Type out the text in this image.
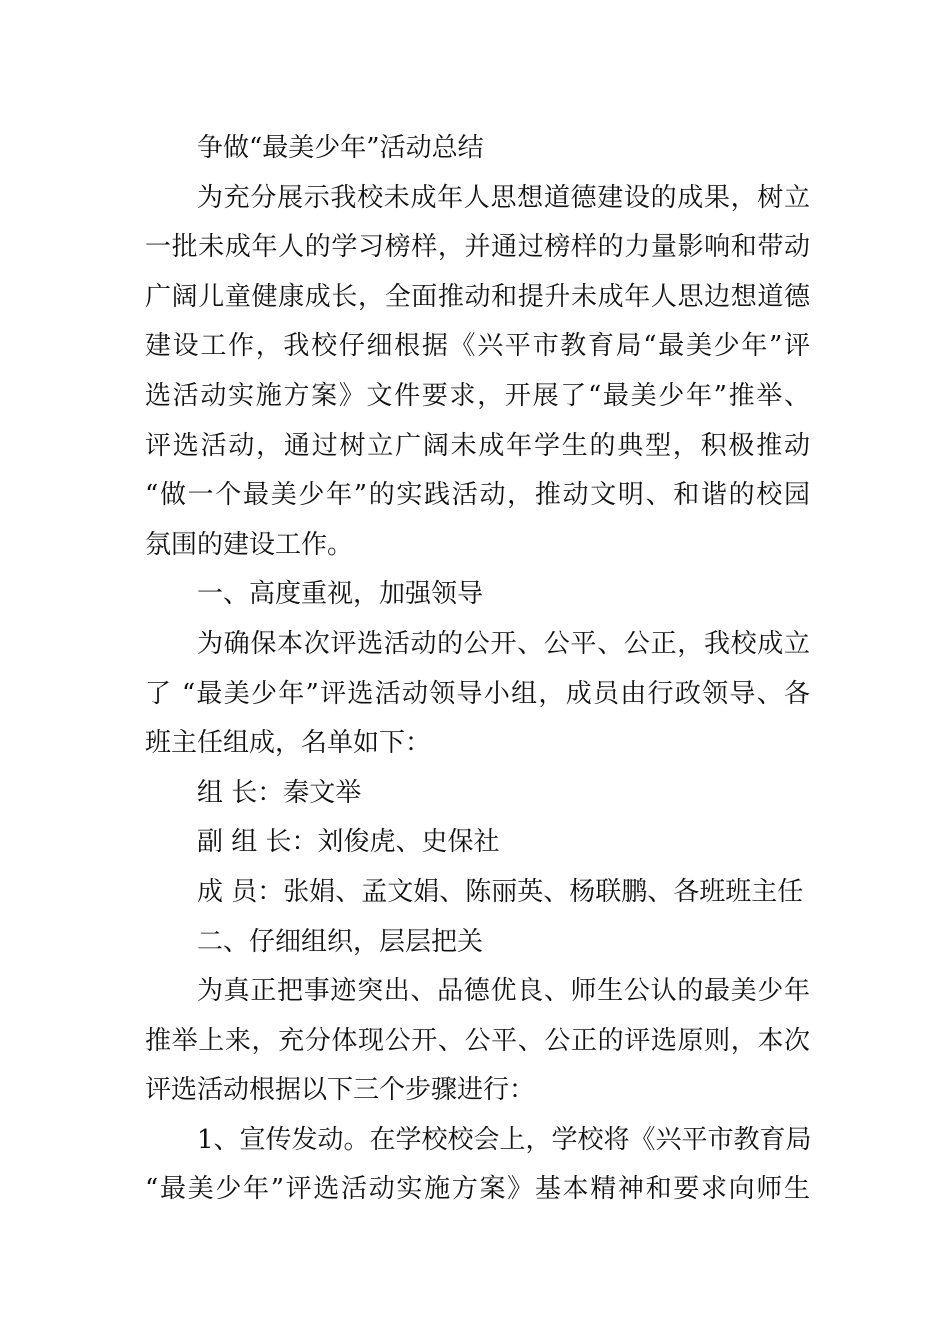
争做“最美少年”活动总结
为充分展示我校未成年人思想道德建设的成果，树立
一批未成年人的学习榜样，并通过榜样的力量影响和带动
广阔儿童健康成长，全面推动和提升未成年人思边想道德
建设工作，我校仔细根据《兴平市教育局“最美少年”评
选活动实施方案》文件要求，开展了“最美少年”推举、
评选活动，通过树立广阔未成年学生的典型，积极推动
“做一个最美少年”的实践活动，推动文明、和谐的校园
氛围的建设工作。
一、高度重视，加强领导
为确保本次评选活动的公开、公平、公正，我校成立
了 “最美少年”评选活动领导小组，成员由行政领导、各
班主任组成，名单如下：
组 长：秦文举
副 组 长：刘俊虎、史保社
成 员：张娟、孟文娟、陈丽英、杨联鹏、各班班主任
二、仔细组织，层层把关
为真正把事迹突出、品德优良、师生公认的最美少年
推举上来，充分体现公开、公平、公正的评选原则，本次
评选活动根据以下三个步骤进行：
1、宣传发动。在学校校会上，学校将《兴平市教育局
“最美少年”评选活动实施方案》基本精神和要求向师生
